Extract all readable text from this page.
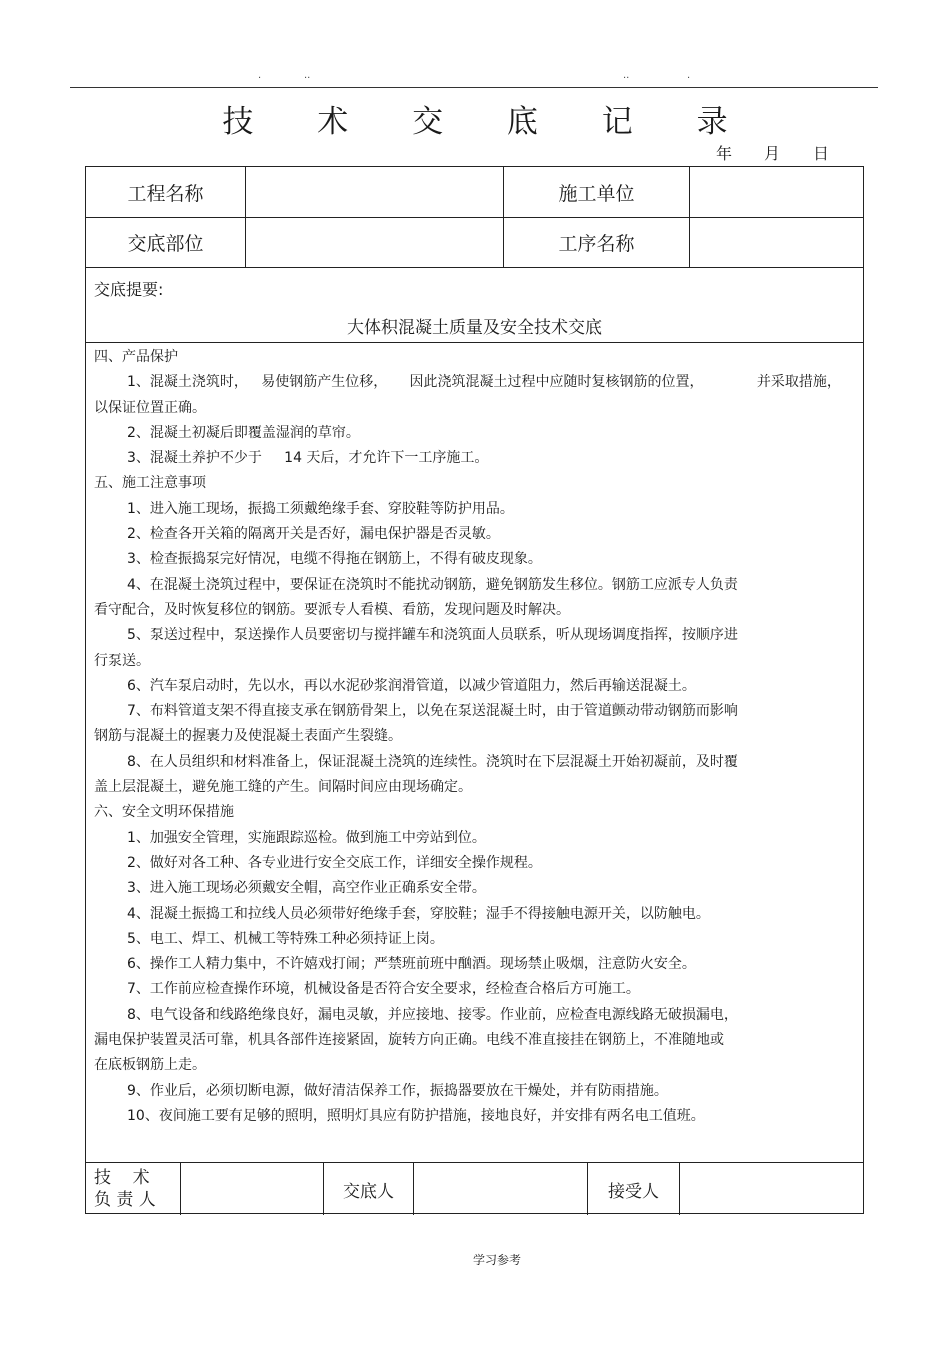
.	..	..	.
技 术 交 底 记 录
年 月 日
工程名称	施工单位
交底部位	工序名称
交底提要:
大体积混凝土质量及安全技术交底
四、产品保护
1、混凝土浇筑时，   易使钢筋产生位移，     因此浇筑混凝土过程中应随时复核钢筋的位置，            并采取措施，
以保证位置正确。
2、混凝土初凝后即覆盖湿润的草帘。
3、混凝土养护不少于     14 天后，才允许下一工序施工。
五、施工注意事项
1、进入施工现场，振捣工须戴绝缘手套、穿胶鞋等防护用品。
2、检查各开关箱的隔离开关是否好，漏电保护器是否灵敏。
3、检查振捣泵完好情况，电缆不得拖在钢筋上，不得有破皮现象。
4、在混凝土浇筑过程中，要保证在浇筑时不能扰动钢筋，避免钢筋发生移位。钢筋工应派专人负责
看守配合，及时恢复移位的钢筋。要派专人看模、看筋，发现问题及时解决。
5、泵送过程中，泵送操作人员要密切与搅拌罐车和浇筑面人员联系，听从现场调度指挥，按顺序进
行泵送。
6、汽车泵启动时，先以水，再以水泥砂浆润滑管道，以减少管道阻力，然后再输送混凝土。
7、布料管道支架不得直接支承在钢筋骨架上，以免在泵送混凝土时，由于管道颤动带动钢筋而影响
钢筋与混凝土的握裹力及使混凝土表面产生裂缝。
8、在人员组织和材料准备上，保证混凝土浇筑的连续性。浇筑时在下层混凝土开始初凝前，及时覆
盖上层混凝土，避免施工缝的产生。间隔时间应由现场确定。
六、安全文明环保措施
1、加强安全管理，实施跟踪巡检。做到施工中旁站到位。
2、做好对各工种、各专业进行安全交底工作，详细安全操作规程。
3、进入施工现场必须戴安全帽，高空作业正确系安全带。
4、混凝土振捣工和拉线人员必须带好绝缘手套，穿胶鞋；湿手不得接触电源开关，以防触电。
5、电工、焊工、机械工等特殊工种必须持证上岗。
6、操作工人精力集中，不许嬉戏打闹；严禁班前班中酗酒。现场禁止吸烟，注意防火安全。
7、工作前应检查操作环境，机械设备是否符合安全要求，经检查合格后方可施工。
8、电气设备和线路绝缘良好，漏电灵敏，并应接地、接零。作业前，应检查电源线路无破损漏电，
漏电保护装置灵活可靠，机具各部件连接紧固，旋转方向正确。电线不准直接挂在钢筋上，不准随地或
在底板钢筋上走。
9、作业后，必须切断电源，做好清洁保养工作，振捣器要放在干燥处，并有防雨措施。
10、夜间施工要有足够的照明，照明灯具应有防护措施，接地良好，并安排有两名电工值班。
技    术
负 责 人	交底人	接受人
学习参考
